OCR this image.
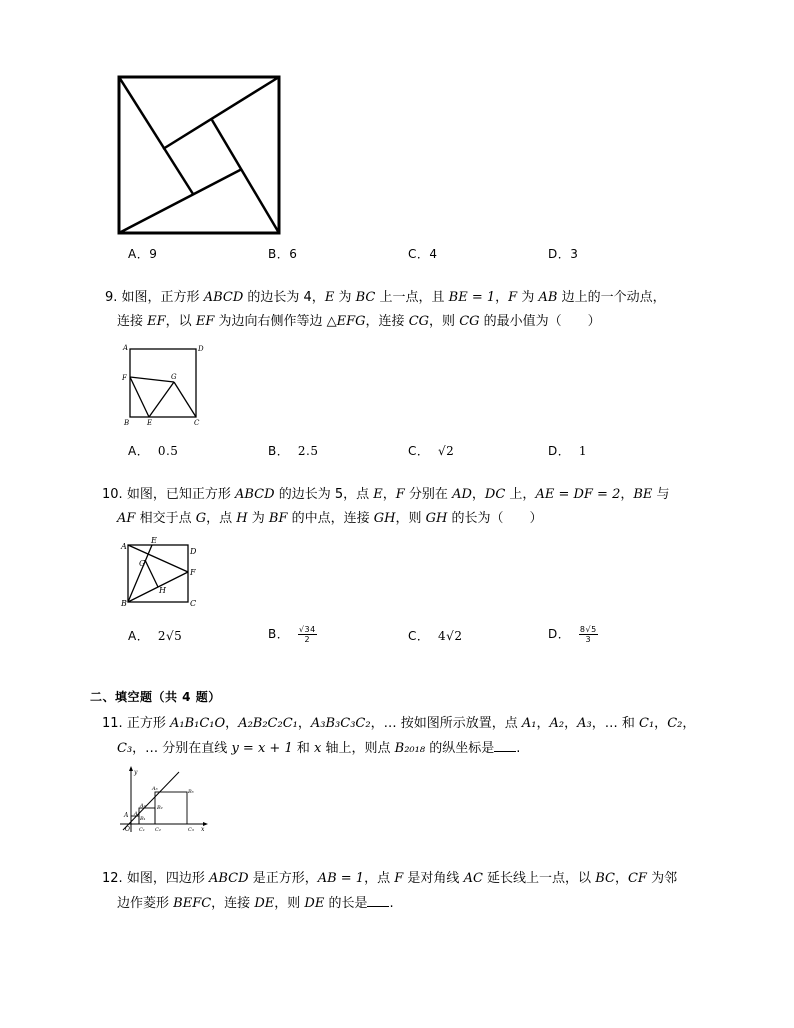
A．9	B．6	C．4	D．3
9. 如图，正方形 ABCD 的边长为 4，E 为 BC 上一点，且 BE = 1，F 为 AB 边上的一个动点，
连接 EF，以 EF 为边向右侧作等边 △EFG，连接 CG，则 CG 的最小值为（　　）
A	D
F	G
B	E	C
A． 0.5	B． 2.5	C． √2	D． 1
10. 如图，已知正方形 ABCD 的边长为 5，点 E，F 分别在 AD，DC 上，AE = DF = 2，BE 与
AF 相交于点 G，点 H 为 BF 的中点，连接 GH，则 GH 的长为（　　）
A
E
D
G
F
H
B	C
A． 2√5	B． $\frac{√34}{2}$	C． 4√2	D． $\frac{8√5}{3}$
二、填空题（共 4 题）
11. 正方形 A₁B₁C₁O，A₂B₂C₂C₁，A₃B₃C₃C₂，… 按如图所示放置，点 A₁，A₂，A₃，… 和 C₁，C₂，
C₃，… 分别在直线 y = x + 1 和 x 轴上，则点 B₂₀₁₈ 的纵坐标是 .
y
x
O
A A₁
A₂
A₃
B₁
B₂
B₃
C₁ C₂	C₃
12. 如图，四边形 ABCD 是正方形，AB = 1，点 F 是对角线 AC 延长线上一点，以 BC，CF 为邻
边作菱形 BEFC，连接 DE，则 DE 的长是 .
